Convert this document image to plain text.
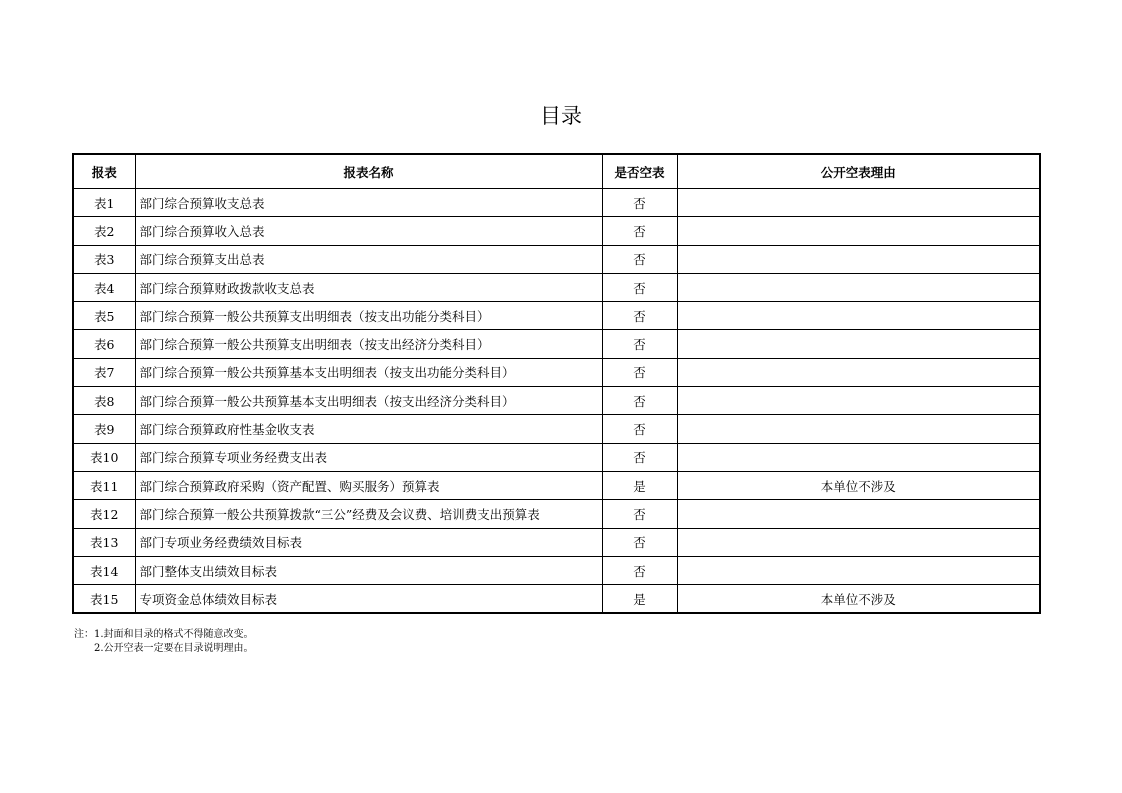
目录
报表	报表名称	是否空表	公开空表理由
表1	部门综合预算收支总表	否	
表2	部门综合预算收入总表	否	
表3	部门综合预算支出总表	否	
表4	部门综合预算财政拨款收支总表	否	
表5	部门综合预算一般公共预算支出明细表（按支出功能分类科目）	否	
表6	部门综合预算一般公共预算支出明细表（按支出经济分类科目）	否	
表7	部门综合预算一般公共预算基本支出明细表（按支出功能分类科目）	否	
表8	部门综合预算一般公共预算基本支出明细表（按支出经济分类科目）	否	
表9	部门综合预算政府性基金收支表	否	
表10	部门综合预算专项业务经费支出表	否	
表11	部门综合预算政府采购（资产配置、购买服务）预算表	是	本单位不涉及
表12	部门综合预算一般公共预算拨款“三公”经费及会议费、培训费支出预算表	否	
表13	部门专项业务经费绩效目标表	否	
表14	部门整体支出绩效目标表	否	
表15	专项资金总体绩效目标表	是	本单位不涉及
注：1.封面和目录的格式不得随意改变。
2.公开空表一定要在目录说明理由。
